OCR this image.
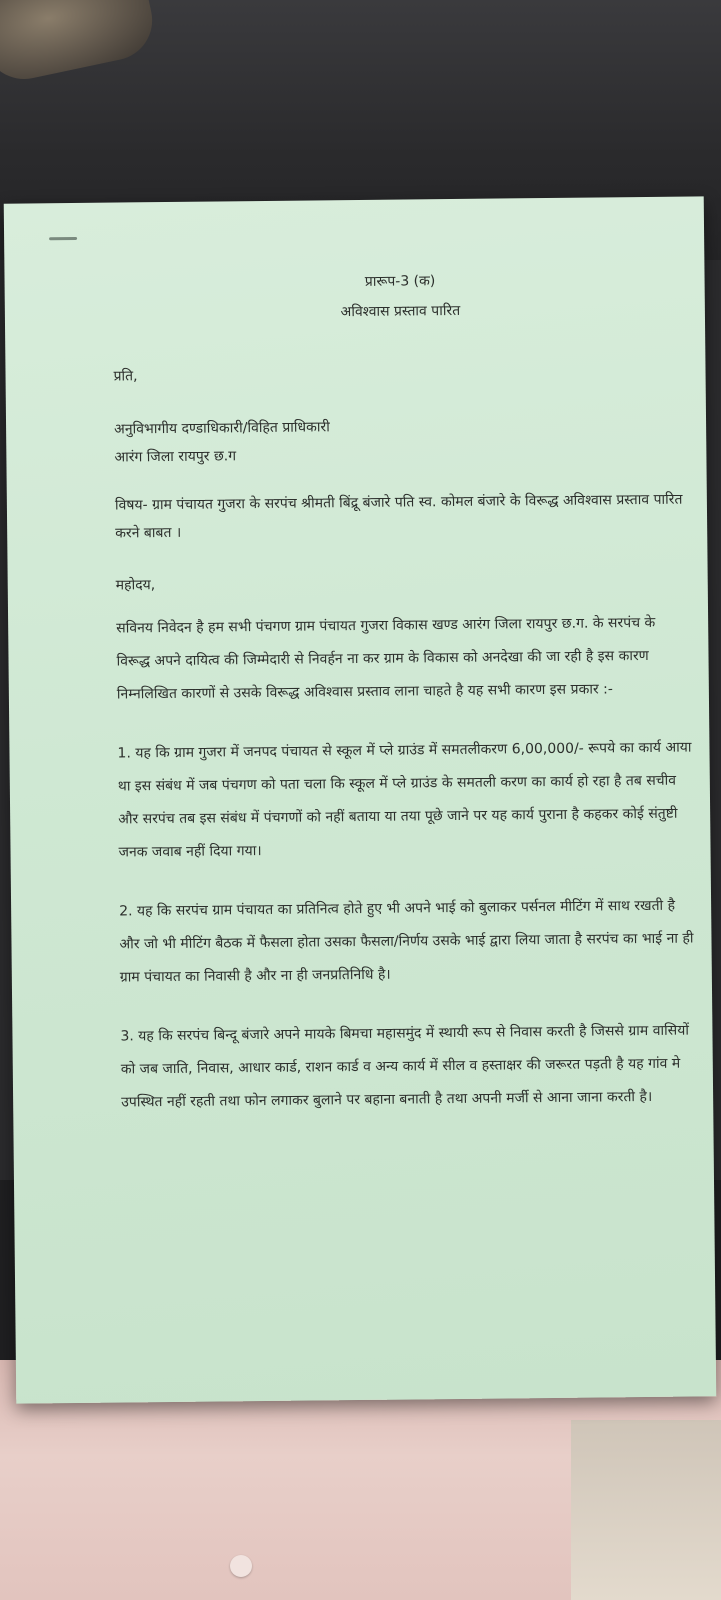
प्रारूप-3 (क)

अविश्वास प्रस्ताव पारित

प्रति,

अनुविभागीय दण्डाधिकारी/विहित प्राधिकारी

आरंग जिला रायपुर छ.ग

विषय- ग्राम पंचायत गुजरा के सरपंच श्रीमती बिंद्रू बंजारे पति स्व. कोमल बंजारे के विरूद्ध अविश्वास प्रस्ताव पारित करने बाबत ।

महोदय,

सविनय निवेदन है हम सभी पंचगण ग्राम पंचायत गुजरा विकास खण्ड आरंग जिला रायपुर छ.ग. के सरपंच के विरूद्ध अपने दायित्व की जिम्मेदारी से निवर्हन ना कर ग्राम के विकास को अनदेखा की जा रही है इस कारण निम्नलिखित कारणों से उसके विरूद्ध अविश्वास प्रस्ताव लाना चाहते है यह सभी कारण इस प्रकार :-

1. यह कि ग्राम गुजरा में जनपद पंचायत से स्कूल में प्ले ग्राउंड में समतलीकरण 6,00,000/- रूपये का कार्य आया था इस संबंध में जब पंचगण को पता चला कि स्कूल में प्ले ग्राउंड के समतली करण का कार्य हो रहा है तब सचीव और सरपंच तब इस संबंध में पंचगणों को नहीं बताया या तया पूछे जाने पर यह कार्य पुराना है कहकर कोई संतुष्टी जनक जवाब नहीं दिया गया।

2. यह कि सरपंच ग्राम पंचायत का प्रतिनित्व होते हुए भी अपने भाई को बुलाकर पर्सनल मीटिंग में साथ रखती है और जो भी मीटिंग बैठक में फैसला होता उसका फैसला/निर्णय उसके भाई द्वारा लिया जाता है सरपंच का भाई ना ही ग्राम पंचायत का निवासी है और ना ही जनप्रतिनिधि है।

3. यह कि सरपंच बिन्दू बंजारे अपने मायके बिमचा महासमुंद में स्थायी रूप से निवास करती है जिससे ग्राम वासियों को जब जाति, निवास, आधार कार्ड, राशन कार्ड व अन्य कार्य में सील व हस्ताक्षर की जरूरत पड़ती है यह गांव मे उपस्थित नहीं रहती तथा फोन लगाकर बुलाने पर बहाना बनाती है तथा अपनी मर्जी से आना जाना करती है।
